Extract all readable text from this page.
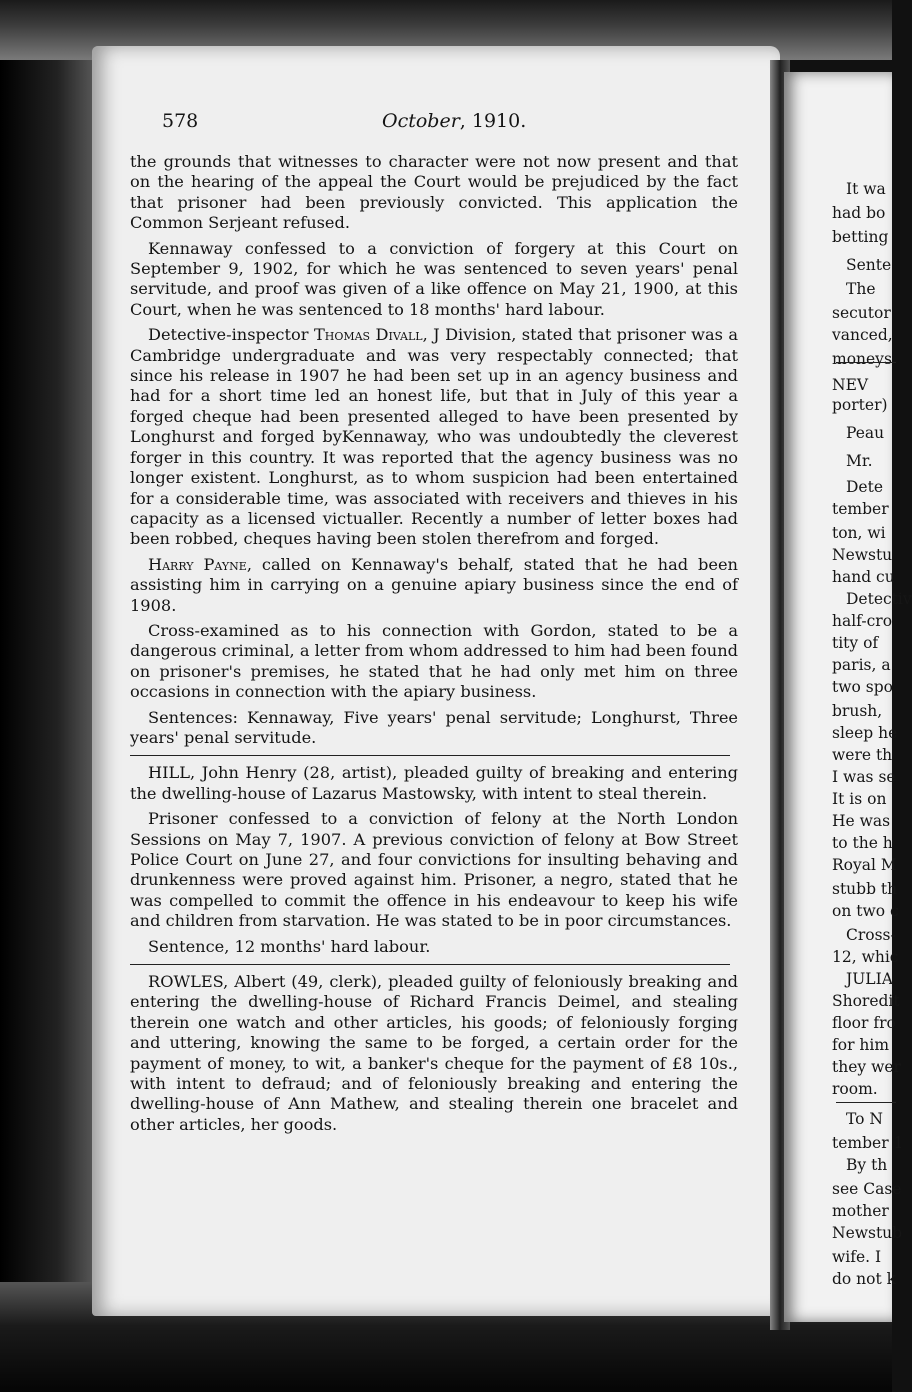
578	October, 1910.

the grounds that witnesses to character were not now present and that on the hearing of the appeal the Court would be prejudiced by the fact that prisoner had been previously convicted. This application the Common Serjeant refused.

Kennaway confessed to a conviction of forgery at this Court on September 9, 1902, for which he was sentenced to seven years' penal servitude, and proof was given of a like offence on May 21, 1900, at this Court, when he was sentenced to 18 months' hard labour.

Detective-inspector Thomas Divall, J Division, stated that prisoner was a Cambridge undergraduate and was very respectably connected; that since his release in 1907 he had been set up in an agency business and had for a short time led an honest life, but that in July of this year a forged cheque had been presented alleged to have been presented by Longhurst and forged byKennaway, who was undoubtedly the cleverest forger in this country. It was reported that the agency business was no longer existent. Longhurst, as to whom suspicion had been entertained for a considerable time, was associated with receivers and thieves in his capacity as a licensed victualler. Recently a number of letter boxes had been robbed, cheques having been stolen therefrom and forged.

Harry Payne, called on Kennaway's behalf, stated that he had been assisting him in carrying on a genuine apiary business since the end of 1908.

Cross-examined as to his connection with Gordon, stated to be a dangerous criminal, a letter from whom addressed to him had been found on prisoner's premises, he stated that he had only met him on three occasions in connection with the apiary business.

Sentences: Kennaway, Five years' penal servitude; Longhurst, Three years' penal servitude.

HILL, John Henry (28, artist), pleaded guilty of breaking and entering the dwelling-house of Lazarus Mastowsky, with intent to steal therein.

Prisoner confessed to a conviction of felony at the North London Sessions on May 7, 1907. A previous conviction of felony at Bow Street Police Court on June 27, and four convictions for insulting behaving and drunkenness were proved against him. Prisoner, a negro, stated that he was compelled to commit the offence in his endeavour to keep his wife and children from starvation. He was stated to be in poor circumstances.

Sentence, 12 months' hard labour.

ROWLES, Albert (49, clerk), pleaded guilty of feloniously breaking and entering the dwelling-house of Richard Francis Deimel, and stealing therein one watch and other articles, his goods; of feloniously forging and uttering, knowing the same to be forged, a certain order for the payment of money, to wit, a banker's cheque for the payment of £8 10s., with intent to defraud; and of feloniously breaking and entering the dwelling-house of Ann Mathew, and stealing therein one bracelet and other articles, her goods.

It wa
had bo
betting
Sente
The
secutor
vanced,
moneys
NEV
porter)
Peau
Mr.
Dete
tember
ton, wi
Newstu
hand cu
Detectiv
half-cro
tity of
paris, a
two spo
brush,
sleep he
were th
I was se
It is on
He was
to the h
Royal M
stubb th
on two c
Cross-
12, whic
JULIA
Shoredit
floor fro
for him
they wer
room.
To N
tember 1
By th
see Case
mother
Newstub
wife. I
do not k
